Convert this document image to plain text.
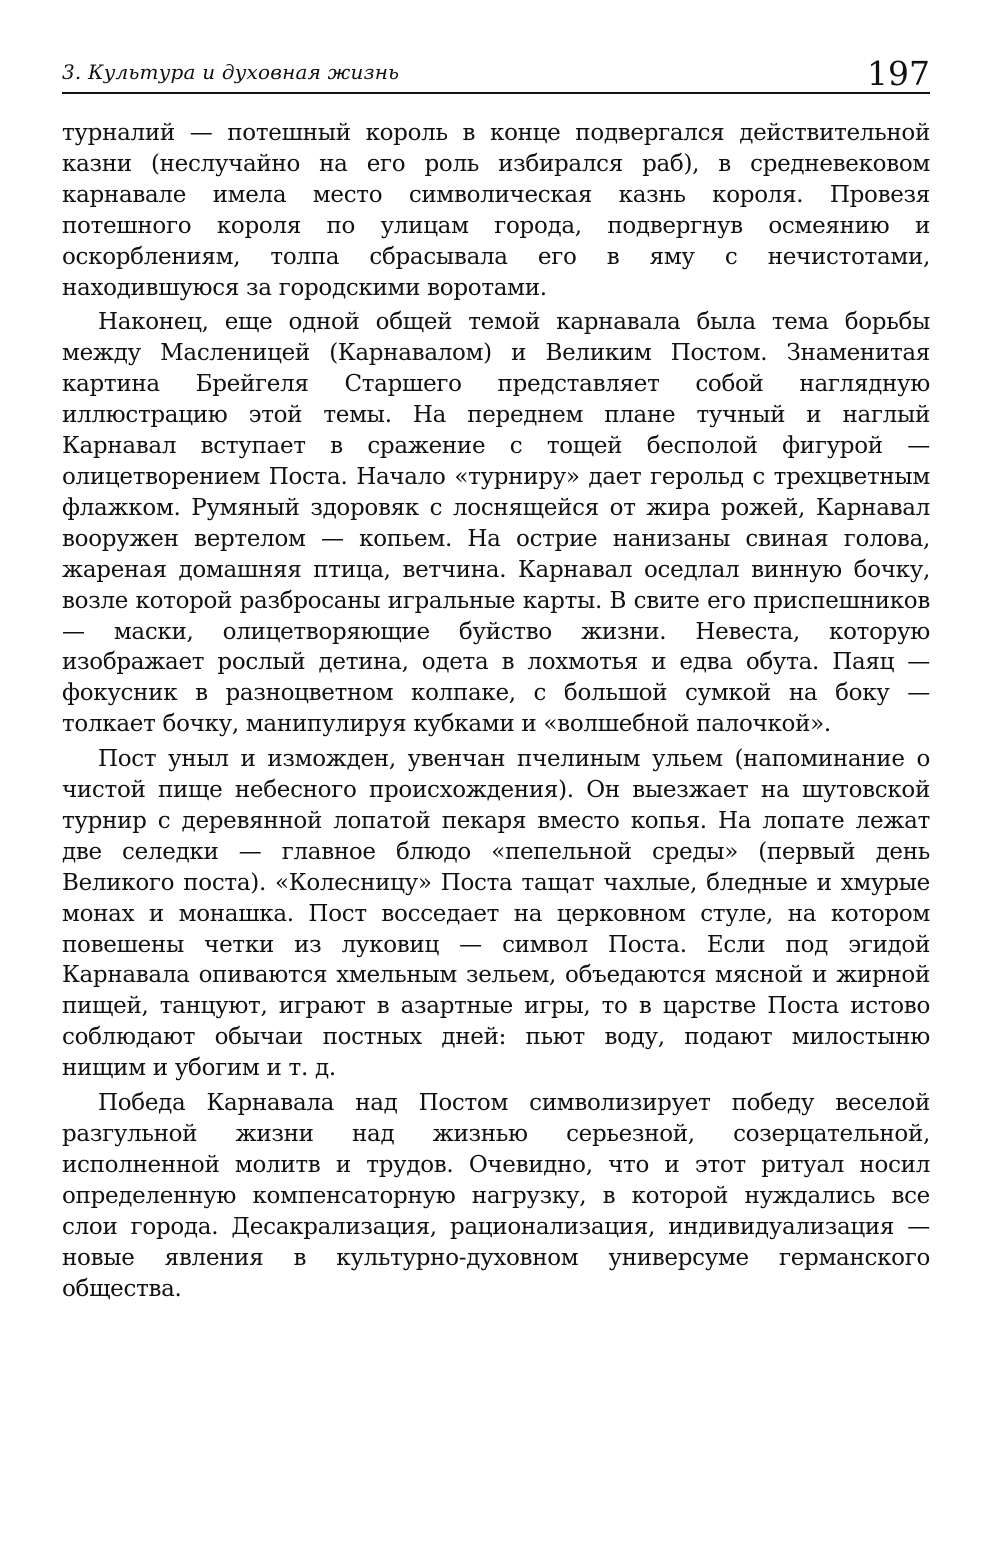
3. Культура и духовная жизнь	197

турналий — потешный король в конце подвергался действительной казни (неслучайно на его роль избирался раб), в средневековом карнавале имела место символическая казнь короля. Провезя потешного короля по улицам города, подвергнув осмеянию и оскорблениям, толпа сбрасывала его в яму с нечистотами, находившуюся за городскими воротами.

Наконец, еще одной общей темой карнавала была тема борьбы между Масленицей (Карнавалом) и Великим Постом. Знаменитая картина Брейгеля Старшего представляет собой наглядную иллюстрацию этой темы. На переднем плане тучный и наглый Карнавал вступает в сражение с тощей бесполой фигурой — олицетворением Поста. Начало «турниру» дает герольд с трехцветным флажком. Румяный здоровяк с лоснящейся от жира рожей, Карнавал вооружен вертелом — копьем. На острие нанизаны свиная голова, жареная домашняя птица, ветчина. Карнавал оседлал винную бочку, возле которой разбросаны игральные карты. В свите его приспешников — маски, олицетворяющие буйство жизни. Невеста, которую изображает рослый детина, одета в лохмотья и едва обута. Паяц — фокусник в разноцветном колпаке, с большой сумкой на боку — толкает бочку, манипулируя кубками и «волшебной палочкой».

Пост уныл и изможден, увенчан пчелиным ульем (напоминание о чистой пище небесного происхождения). Он выезжает на шутовской турнир с деревянной лопатой пекаря вместо копья. На лопате лежат две селедки — главное блюдо «пепельной среды» (первый день Великого поста). «Колесницу» Поста тащат чахлые, бледные и хмурые монах и монашка. Пост восседает на церковном стуле, на котором повешены четки из луковиц — символ Поста. Если под эгидой Карнавала опиваются хмельным зельем, объедаются мясной и жирной пищей, танцуют, играют в азартные игры, то в царстве Поста истово соблюдают обычаи постных дней: пьют воду, подают милостыню нищим и убогим и т. д.

Победа Карнавала над Постом символизирует победу веселой разгульной жизни над жизнью серьезной, созерцательной, исполненной молитв и трудов. Очевидно, что и этот ритуал носил определенную компенсаторную нагрузку, в которой нуждались все слои города. Десакрализация, рационализация, индивидуализация — новые явления в культурно-духовном универсуме германского общества.
